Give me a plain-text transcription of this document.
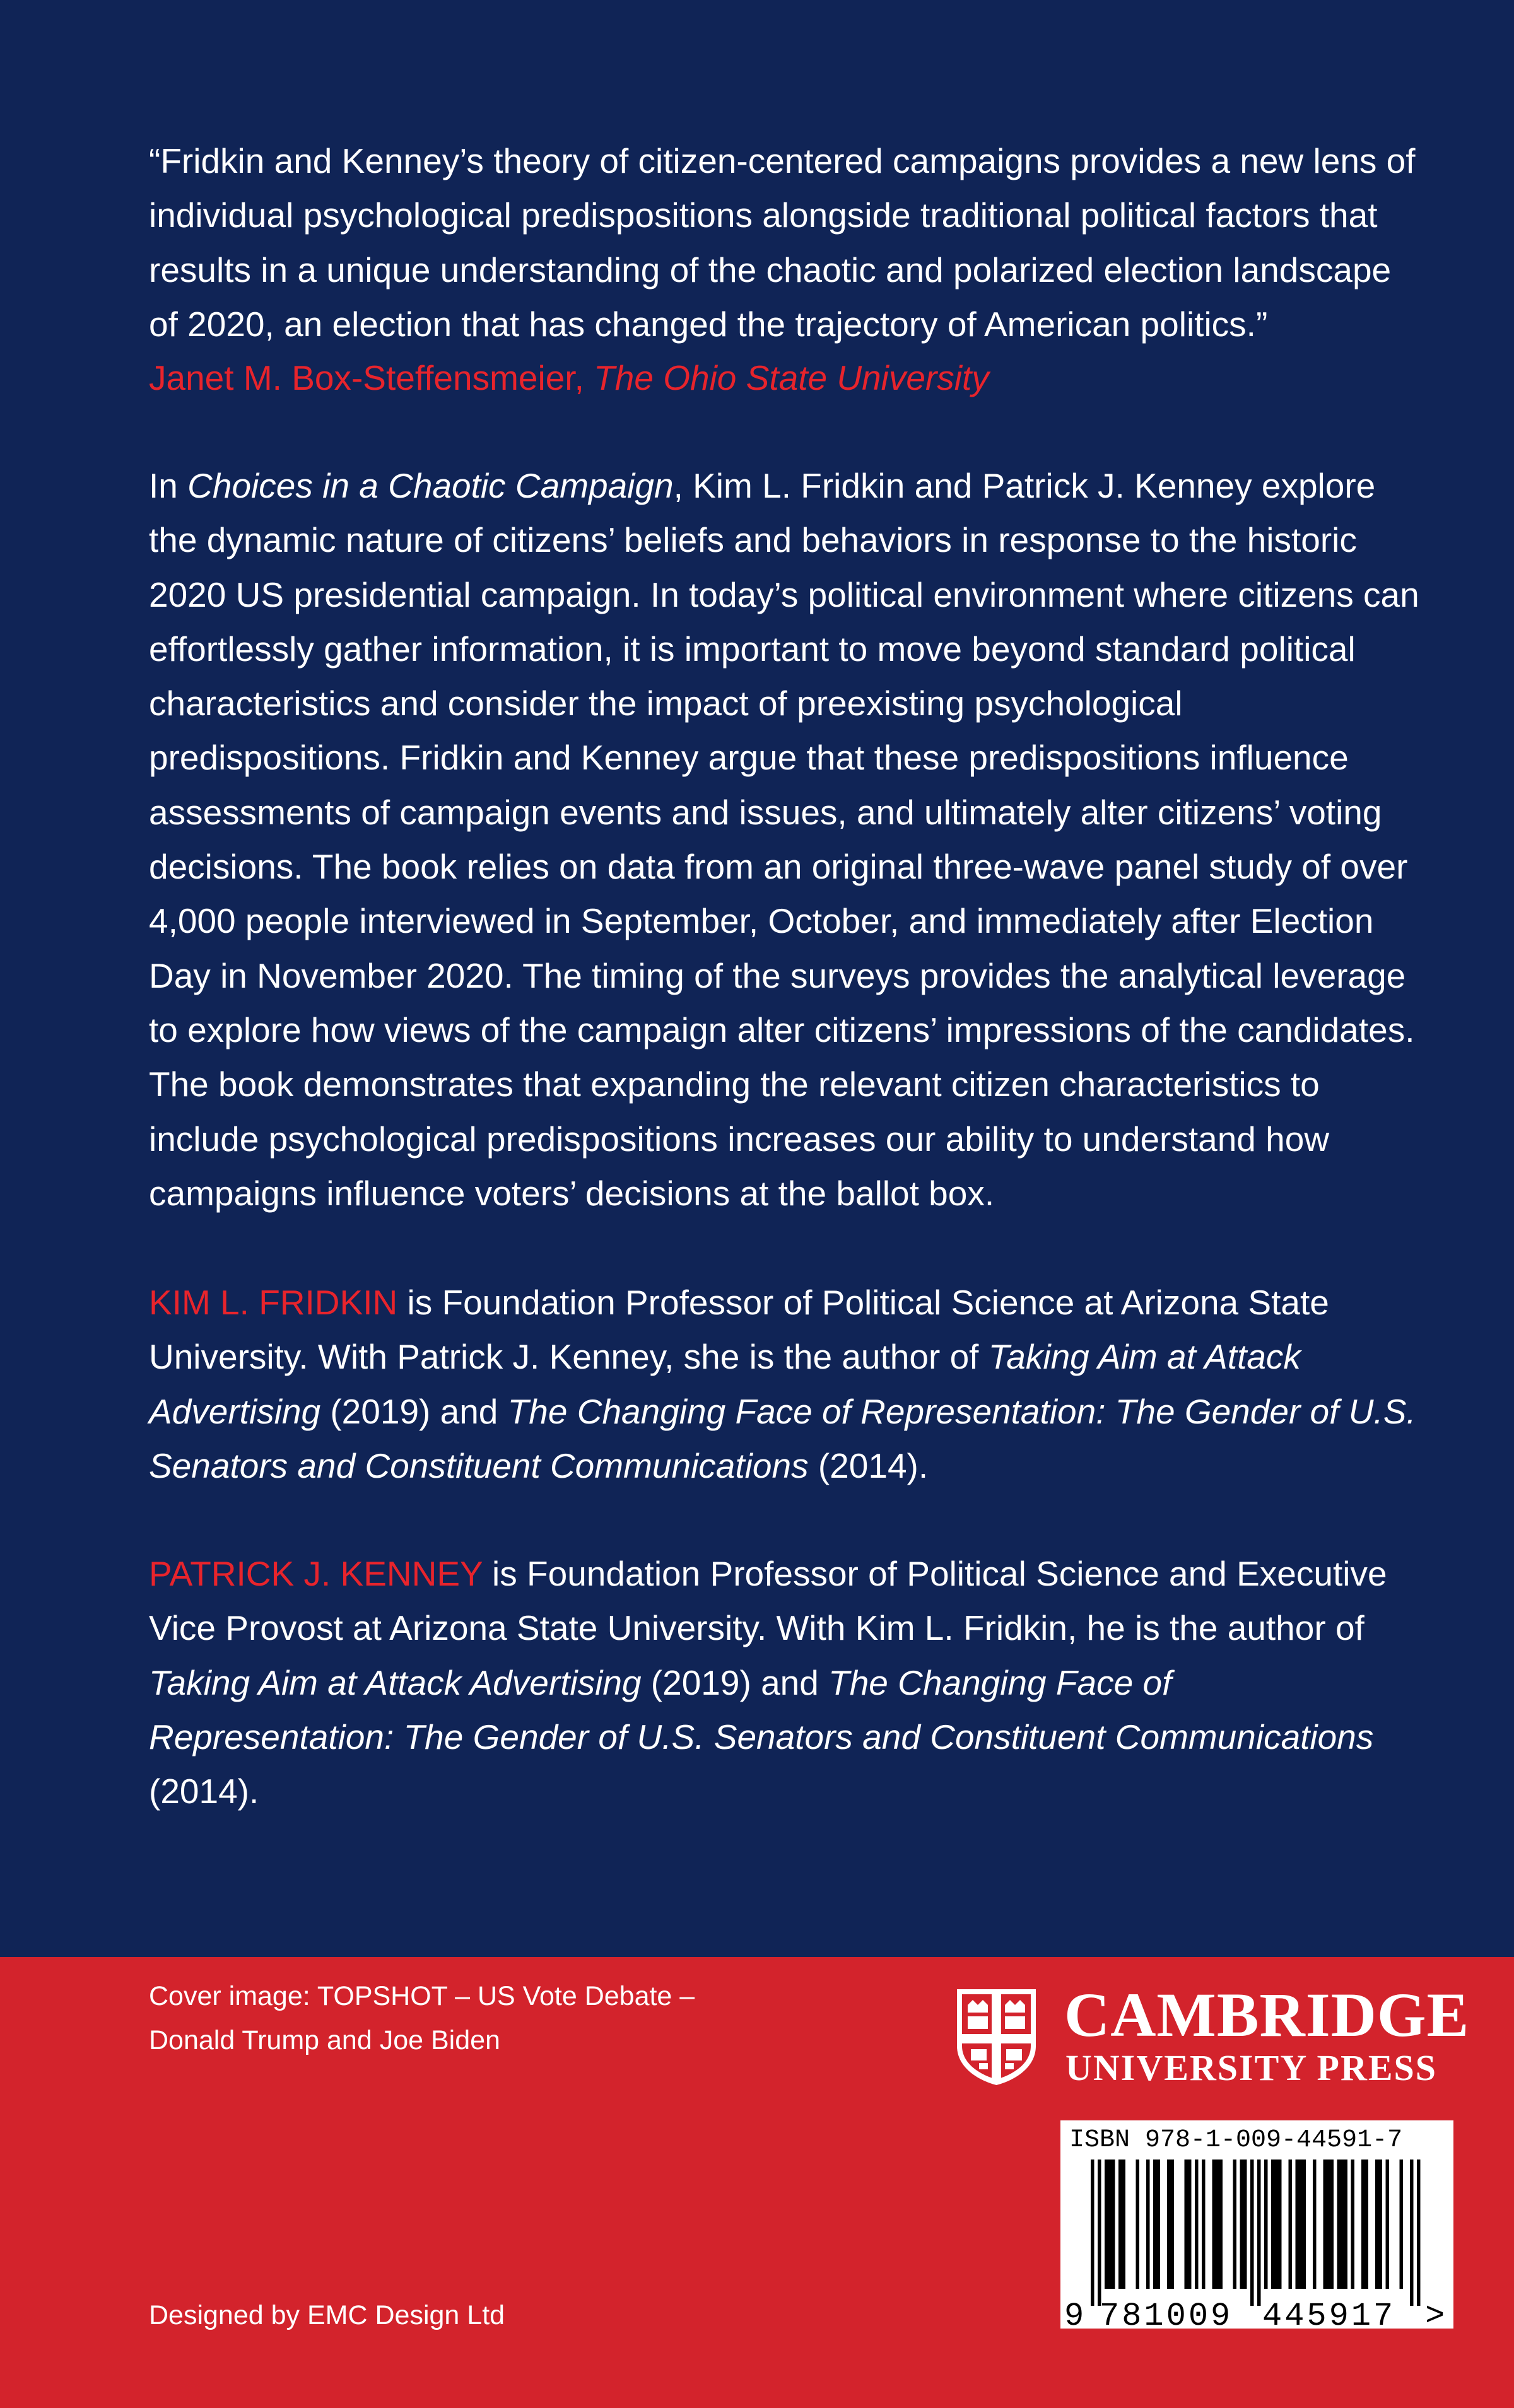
“Fridkin and Kenney’s theory of citizen-centered campaigns provides a new lens of individual psychological predispositions alongside traditional political factors that results in a unique understanding of the chaotic and polarized election landscape of 2020, an election that has changed the trajectory of American politics.”

Janet M. Box-Steffensmeier, The Ohio State University

In Choices in a Chaotic Campaign, Kim L. Fridkin and Patrick J. Kenney explore the dynamic nature of citizens’ beliefs and behaviors in response to the historic 2020 US presidential campaign. In today’s political environment where citizens can effortlessly gather information, it is important to move beyond standard political characteristics and consider the impact of preexisting psychological predispositions. Fridkin and Kenney argue that these predispositions influence assessments of campaign events and issues, and ultimately alter citizens’ voting decisions. The book relies on data from an original three-wave panel study of over 4,000 people interviewed in September, October, and immediately after Election Day in November 2020. The timing of the surveys provides the analytical leverage to explore how views of the campaign alter citizens’ impressions of the candidates. The book demonstrates that expanding the relevant citizen characteristics to include psychological predispositions increases our ability to understand how campaigns influence voters’ decisions at the ballot box.

KIM L. FRIDKIN is Foundation Professor of Political Science at Arizona State University. With Patrick J. Kenney, she is the author of Taking Aim at Attack Advertising (2019) and The Changing Face of Representation: The Gender of U.S. Senators and Constituent Communications (2014).

PATRICK J. KENNEY is Foundation Professor of Political Science and Executive Vice Provost at Arizona State University. With Kim L. Fridkin, he is the author of Taking Aim at Attack Advertising (2019) and The Changing Face of Representation: The Gender of U.S. Senators and Constituent Communications (2014).

Cover image: TOPSHOT – US Vote Debate –
Donald Trump and Joe Biden

Designed by EMC Design Ltd

CAMBRIDGE
UNIVERSITY PRESS
ISBN 978-1-009-44591-7
9 781009 445917 >
